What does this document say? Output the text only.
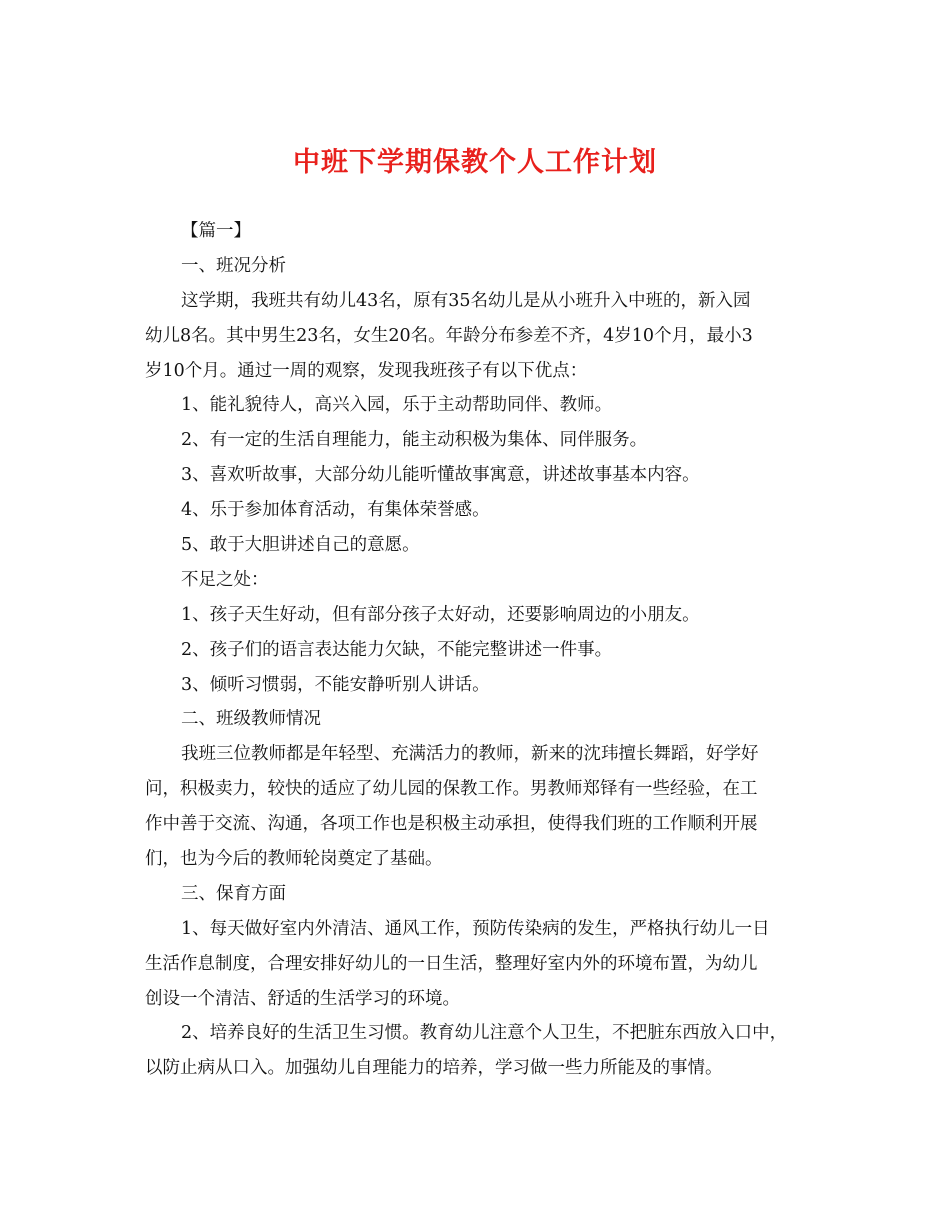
中班下学期保教个人工作计划
【篇一】
一、班况分析
这学期，我班共有幼儿43名，原有35名幼儿是从小班升入中班的，新入园
幼儿8名。其中男生23名，女生20名。年龄分布参差不齐，4岁10个月，最小3
岁10个月。通过一周的观察，发现我班孩子有以下优点：
1、能礼貌待人，高兴入园，乐于主动帮助同伴、教师。
2、有一定的生活自理能力，能主动积极为集体、同伴服务。
3、喜欢听故事，大部分幼儿能听懂故事寓意，讲述故事基本内容。
4、乐于参加体育活动，有集体荣誉感。
5、敢于大胆讲述自己的意愿。
不足之处：
1、孩子天生好动，但有部分孩子太好动，还要影响周边的小朋友。
2、孩子们的语言表达能力欠缺，不能完整讲述一件事。
3、倾听习惯弱，不能安静听别人讲话。
二、班级教师情况
我班三位教师都是年轻型、充满活力的教师，新来的沈玮擅长舞蹈，好学好
问，积极卖力，较快的适应了幼儿园的保教工作。男教师郑铎有一些经验，在工
作中善于交流、沟通，各项工作也是积极主动承担，使得我们班的工作顺利开展
们，也为今后的教师轮岗奠定了基础。
三、保育方面
1、每天做好室内外清洁、通风工作，预防传染病的发生，严格执行幼儿一日
生活作息制度，合理安排好幼儿的一日生活，整理好室内外的环境布置，为幼儿
创设一个清洁、舒适的生活学习的环境。
2、培养良好的生活卫生习惯。教育幼儿注意个人卫生，不把脏东西放入口中，
以防止病从口入。加强幼儿自理能力的培养，学习做一些力所能及的事情。
